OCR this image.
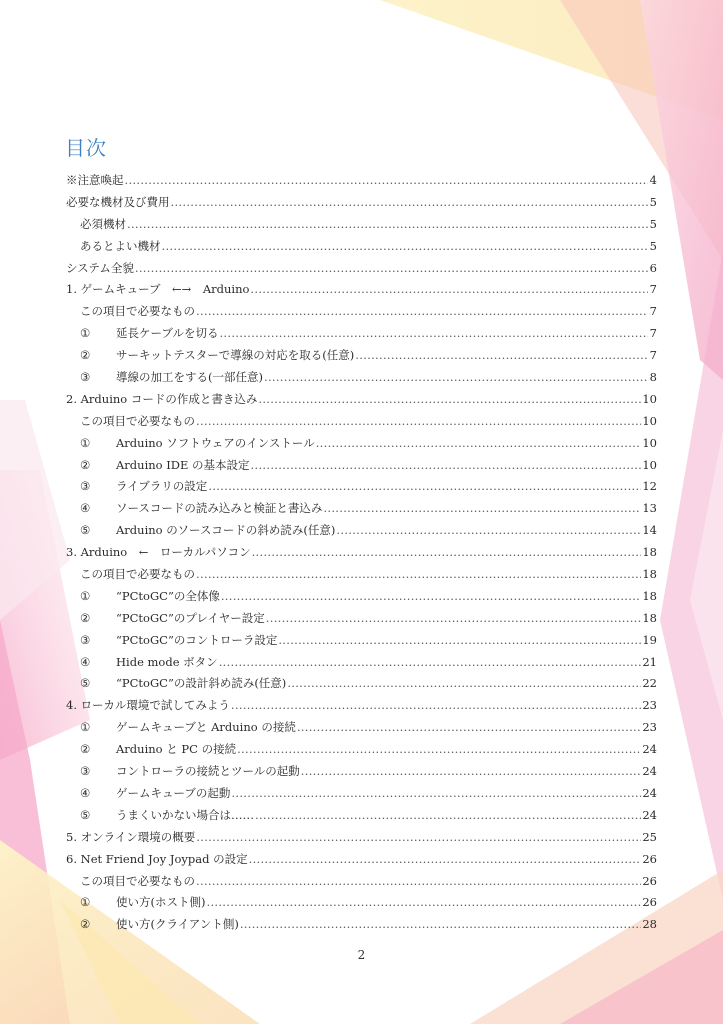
目次
※注意喚起 .....	4
必要な機材及び費用 .....	5
必須機材 .....	5
あるとよい機材 .....	5
システム全貌 .....	6
1. ゲームキューブ　←→　Arduino .....	7
この項目で必要なもの .....	7
①	延長ケーブルを切る .....	7
②	サーキットテスターで導線の対応を取る(任意) .....	7
③	導線の加工をする(一部任意) .....	8
2. Arduino コードの作成と書き込み .....	10
この項目で必要なもの .....	10
①	Arduino ソフトウェアのインストール .....	10
②	Arduino IDE の基本設定 .....	10
③	ライブラリの設定 .....	12
④	ソースコードの読み込みと検証と書込み .....	13
⑤	Arduino のソースコードの斜め読み(任意) .....	14
3. Arduino　←　ローカルパソコン .....	18
この項目で必要なもの .....	18
①	“PCtoGC”の全体像 .....	18
②	“PCtoGC”のプレイヤー設定 .....	18
③	“PCtoGC”のコントローラ設定 .....	19
④	Hide mode ボタン .....	21
⑤	“PCtoGC”の設計斜め読み(任意) .....	22
4. ローカル環境で試してみよう .....	23
①	ゲームキューブと Arduino の接続 .....	23
②	Arduino と PC の接続 .....	24
③	コントローラの接続とツールの起動 .....	24
④	ゲームキューブの起動 .....	24
⑤	うまくいかない場合は…… .....	24
5. オンライン環境の概要 .....	25
6. Net Friend Joy Joypad の設定 .....	26
この項目で必要なもの .....	26
①	使い方(ホスト側) .....	26
②	使い方(クライアント側) .....	28
2
